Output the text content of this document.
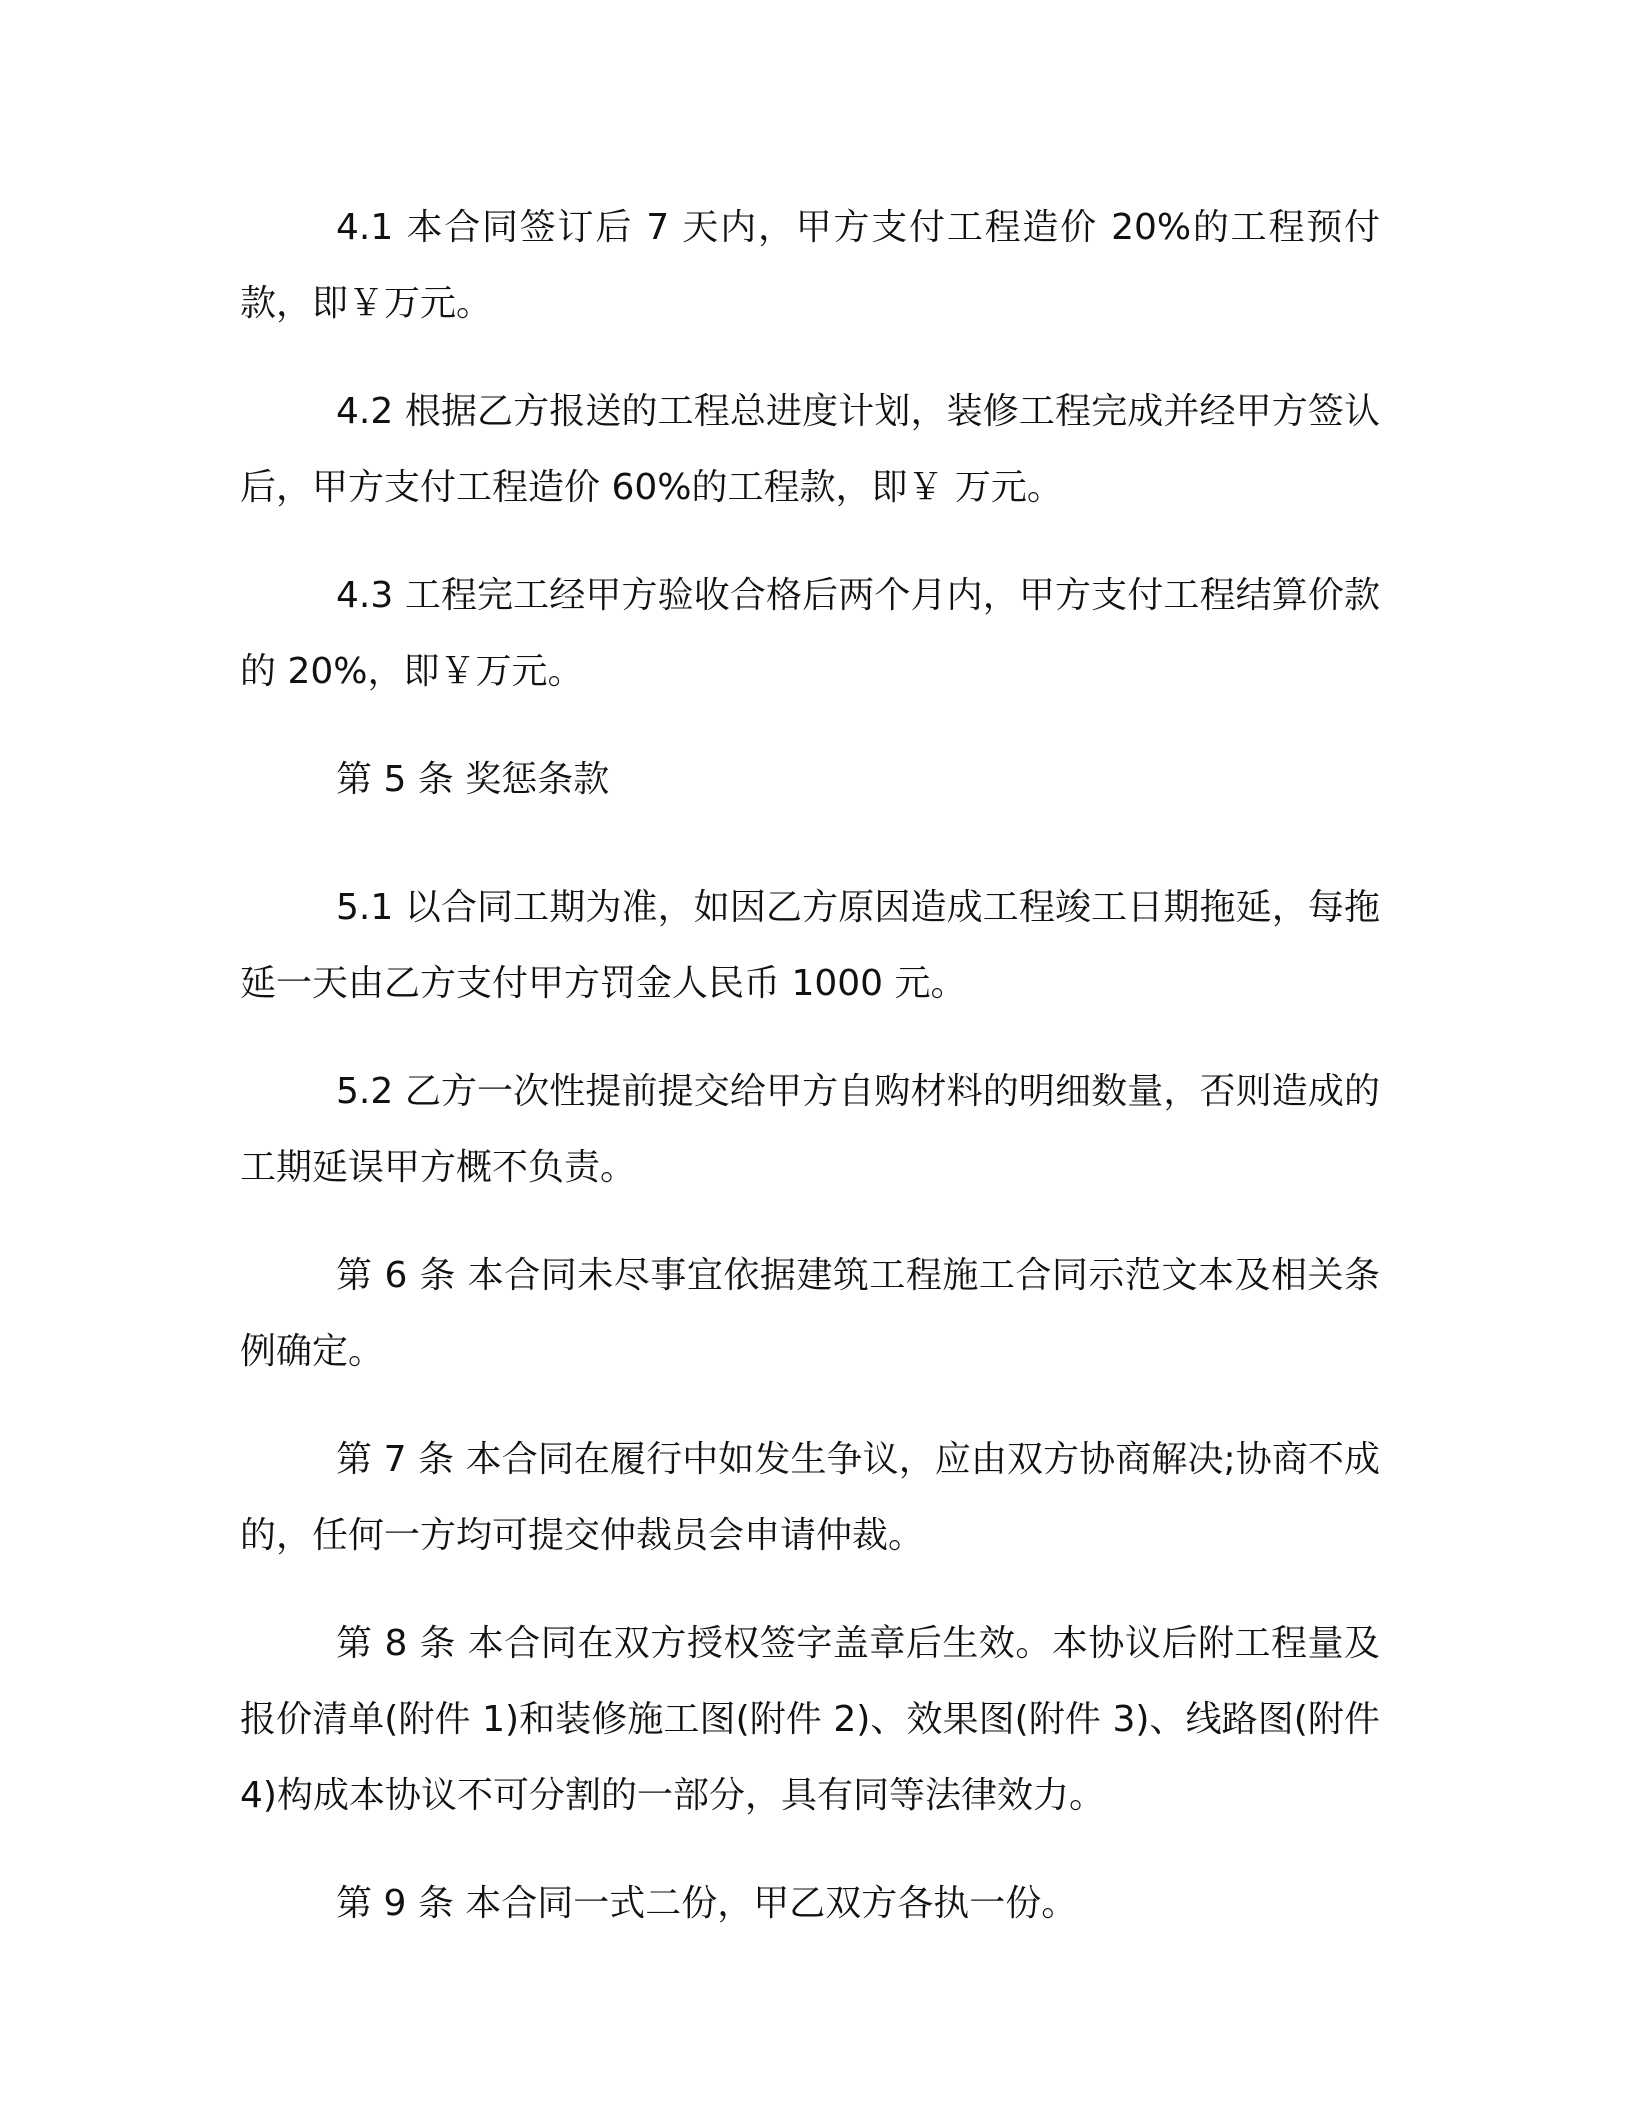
4.1 本合同签订后 7 天内，甲方支付工程造价 20%的工程预付款，即￥万元。

4.2 根据乙方报送的工程总进度计划，装修工程完成并经甲方签认后，甲方支付工程造价 60%的工程款，即￥ 万元。

4.3 工程完工经甲方验收合格后两个月内，甲方支付工程结算价款的 20%，即￥万元。

第 5 条 奖惩条款

5.1 以合同工期为准，如因乙方原因造成工程竣工日期拖延，每拖延一天由乙方支付甲方罚金人民币 1000 元。

5.2 乙方一次性提前提交给甲方自购材料的明细数量，否则造成的工期延误甲方概不负责。

第 6 条 本合同未尽事宜依据建筑工程施工合同示范文本及相关条例确定。

第 7 条 本合同在履行中如发生争议，应由双方协商解决;协商不成的，任何一方均可提交仲裁员会申请仲裁。

第 8 条 本合同在双方授权签字盖章后生效。本协议后附工程量及报价清单(附件 1)和装修施工图(附件 2)、效果图(附件 3)、线路图(附件 4)构成本协议不可分割的一部分，具有同等法律效力。

第 9 条 本合同一式二份，甲乙双方各执一份。
